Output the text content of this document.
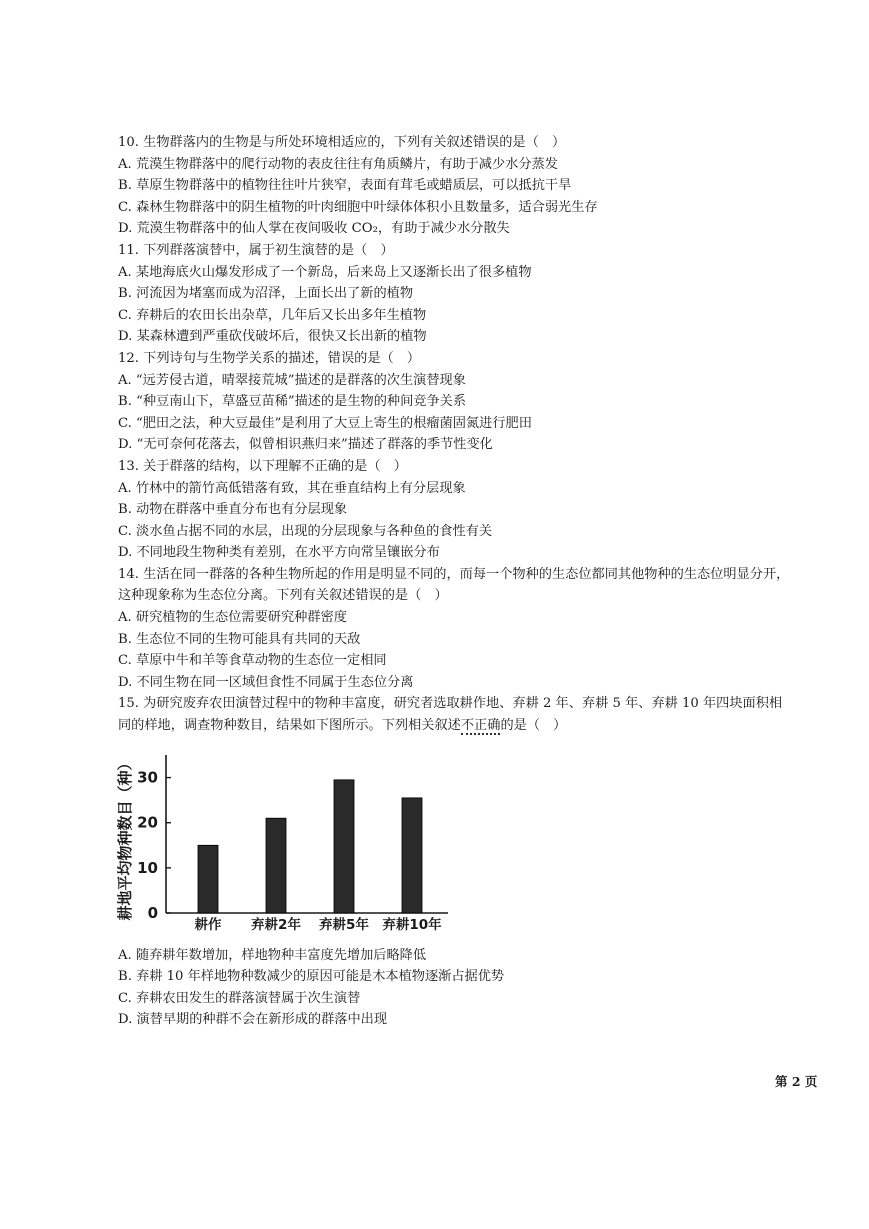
10. 生物群落内的生物是与所处环境相适应的，下列有关叙述错误的是（　）
A. 荒漠生物群落中的爬行动物的表皮往往有角质鳞片，有助于减少水分蒸发
B. 草原生物群落中的植物往往叶片狭窄，表面有茸毛或蜡质层，可以抵抗干旱
C. 森林生物群落中的阴生植物的叶肉细胞中叶绿体体积小且数量多，适合弱光生存
D. 荒漠生物群落中的仙人掌在夜间吸收 CO₂，有助于减少水分散失
11. 下列群落演替中，属于初生演替的是（　）
A. 某地海底火山爆发形成了一个新岛，后来岛上又逐渐长出了很多植物
B. 河流因为堵塞而成为沼泽，上面长出了新的植物
C. 弃耕后的农田长出杂草，几年后又长出多年生植物
D. 某森林遭到严重砍伐破坏后，很快又长出新的植物
12. 下列诗句与生物学关系的描述，错误的是（　）
A. “远芳侵古道，晴翠接荒城”描述的是群落的次生演替现象
B. “种豆南山下，草盛豆苗稀”描述的是生物的种间竞争关系
C. “肥田之法，种大豆最佳”是利用了大豆上寄生的根瘤菌固氮进行肥田
D. “无可奈何花落去，似曾相识燕归来”描述了群落的季节性变化
13. 关于群落的结构，以下理解不正确的是（　）
A. 竹林中的箭竹高低错落有致，其在垂直结构上有分层现象
B. 动物在群落中垂直分布也有分层现象
C. 淡水鱼占据不同的水层，出现的分层现象与各种鱼的食性有关
D. 不同地段生物种类有差别，在水平方向常呈镶嵌分布
14. 生活在同一群落的各种生物所起的作用是明显不同的，而每一个物种的生态位都同其他物种的生态位明显分开，
这种现象称为生态位分离。下列有关叙述错误的是（　）
A. 研究植物的生态位需要研究种群密度
B. 生态位不同的生物可能具有共同的天敌
C. 草原中牛和羊等食草动物的生态位一定相同
D. 不同生物在同一区域但食性不同属于生态位分离
15. 为研究废弃农田演替过程中的物种丰富度，研究者选取耕作地、弃耕 2 年、弃耕 5 年、弃耕 10 年四块面积相
同的样地，调查物种数目，结果如下图所示。下列相关叙述不正确的是（　）
耕地平均物种数目（种） 0
10
20
30
耕作 弃耕2年 弃耕5年 弃耕10年
A. 随弃耕年数增加，样地物种丰富度先增加后略降低
B. 弃耕 10 年样地物种数减少的原因可能是木本植物逐渐占据优势
C. 弃耕农田发生的群落演替属于次生演替
D. 演替早期的种群不会在新形成的群落中出现
第 2 页
